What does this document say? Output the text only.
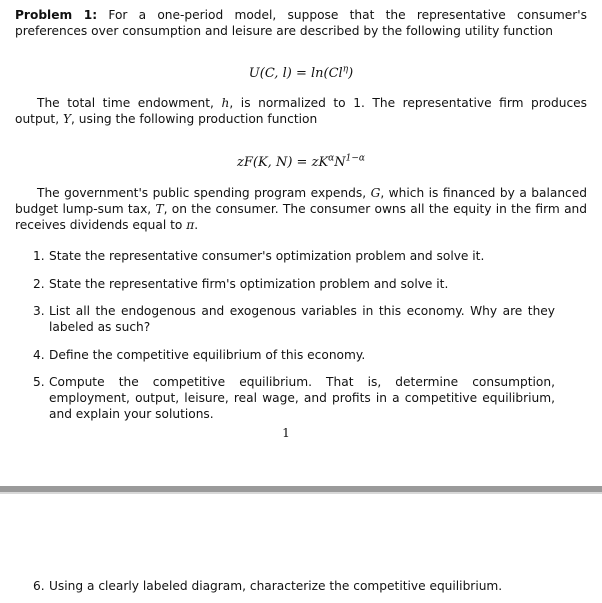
Problem 1: For a one-period model, suppose that the representative consumer's preferences over consumption and leisure are described by the following utility function
U(C, $l) = \ln(Cl^\eta)$
The total time endowment, h, is normalized to 1. The representative firm produces output, Y, using the following production function
zF(K, $N) = zK^\alpha N^{1-\alpha}$
The government's public spending program expends, G, which is financed by a balanced budget lump-sum tax, T, on the consumer. The consumer owns all the equity in the firm and receives dividends equal to π.
1. State the representative consumer's optimization problem and solve it.
2. State the representative firm's optimization problem and solve it.
3. List all the endogenous and exogenous variables in this economy. Why are they labeled as such?
4. Define the competitive equilibrium of this economy.
5. Compute the competitive equilibrium. That is, determine consumption, employment, output, leisure, real wage, and profits in a competitive equilibrium, and explain your solutions.
1
6. Using a clearly labeled diagram, characterize the competitive equilibrium.
